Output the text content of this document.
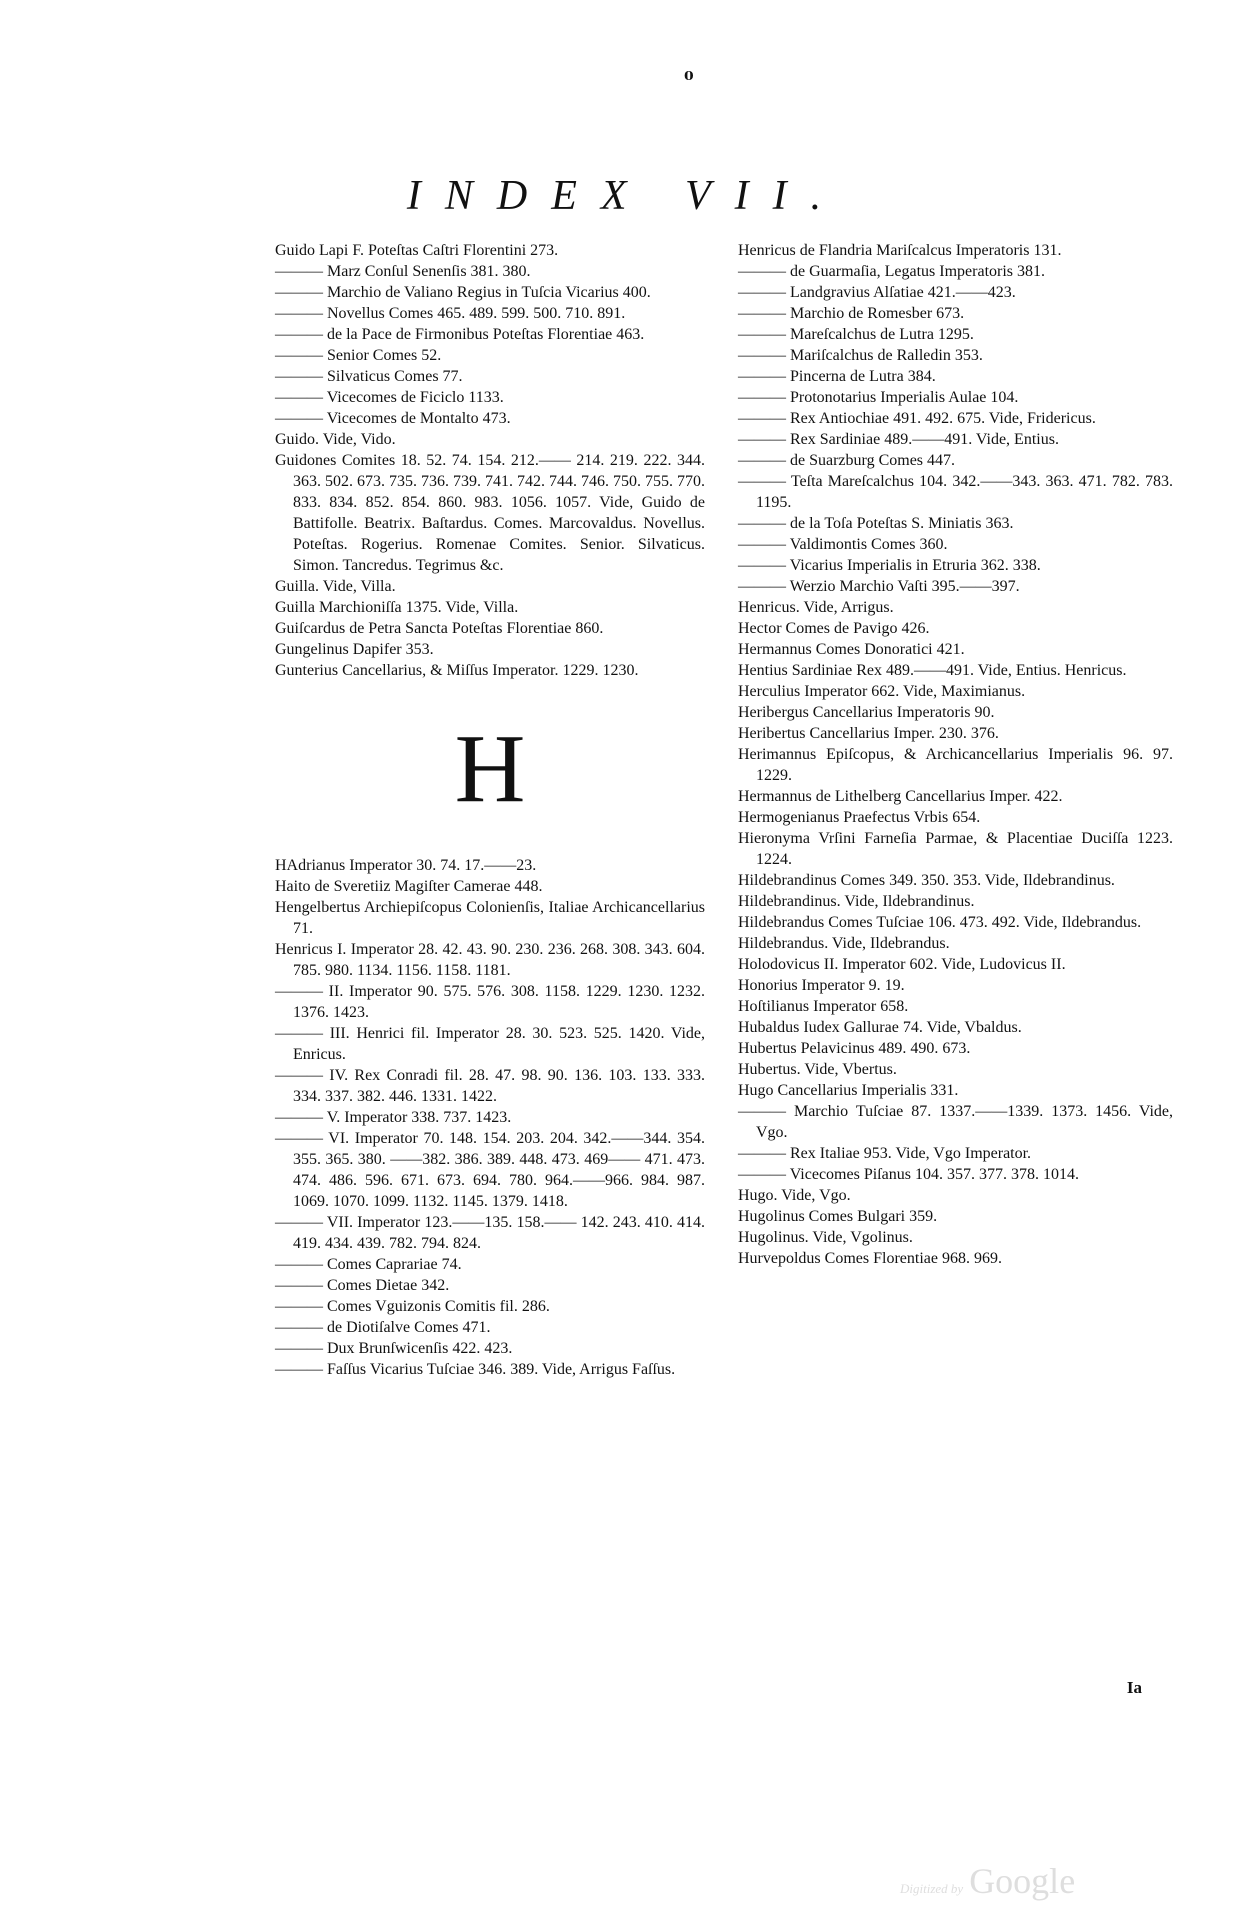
₀
INDEX VII.

Guido Lapi F. Poteſtas Caſtri Florentini 273.

——— Marz Conſul Senenſis 381. 380.

——— Marchio de Valiano Regius in Tuſcia Vicarius 400.

——— Novellus Comes 465. 489. 599. 500. 710. 891.

——— de la Pace de Firmonibus Poteſtas Florentiae 463.

——— Senior Comes 52.

——— Silvaticus Comes 77.

——— Vicecomes de Ficiclo 1133.

——— Vicecomes de Montalto 473.

Guido. Vide, Vido.

Guidones Comites 18. 52. 74. 154. 212.—— 214. 219. 222. 344. 363. 502. 673. 735. 736. 739. 741. 742. 744. 746. 750. 755. 770. 833. 834. 852. 854. 860. 983. 1056. 1057. Vide, Guido de Battifolle. Beatrix. Baſtardus. Comes. Marcovaldus. Novellus. Poteſtas. Rogerius. Romenae Comites. Senior. Silvaticus. Simon. Tancredus. Tegrimus &c.

Guilla. Vide, Villa.

Guilla Marchioniſſa 1375. Vide, Villa.

Guiſcardus de Petra Sancta Poteſtas Florentiae 860.

Gungelinus Dapifer 353.

Gunterius Cancellarius, & Miſſus Imperator. 1229. 1230.

H

HAdrianus Imperator 30. 74. 17.——23.

Haito de Sveretiiz Magiſter Camerae 448.

Hengelbertus Archiepiſcopus Colonienſis, Italiae Archicancellarius 71.

Henricus I. Imperator 28. 42. 43. 90. 230. 236. 268. 308. 343. 604. 785. 980. 1134. 1156. 1158. 1181.

——— II. Imperator 90. 575. 576. 308. 1158. 1229. 1230. 1232. 1376. 1423.

——— III. Henrici fil. Imperator 28. 30. 523. 525. 1420. Vide, Enricus.

——— IV. Rex Conradi fil. 28. 47. 98. 90. 136. 103. 133. 333. 334. 337. 382. 446. 1331. 1422.

——— V. Imperator 338. 737. 1423.

——— VI. Imperator 70. 148. 154. 203. 204. 342.——344. 354. 355. 365. 380. ——382. 386. 389. 448. 473. 469—— 471. 473. 474. 486. 596. 671. 673. 694. 780. 964.——966. 984. 987. 1069. 1070. 1099. 1132. 1145. 1379. 1418.

——— VII. Imperator 123.——135. 158.—— 142. 243. 410. 414. 419. 434. 439. 782. 794. 824.

——— Comes Caprariae 74.

——— Comes Dietae 342.

——— Comes Vguizonis Comitis fil. 286.

——— de Diotiſalve Comes 471.

——— Dux Brunſwicenſis 422. 423.

——— Faſſus Vicarius Tuſciae 346. 389. Vide, Arrigus Faſſus.

Henricus de Flandria Mariſcalcus Imperatoris 131.

——— de Guarmaſia, Legatus Imperatoris 381.

——— Landgravius Alſatiae 421.——423.

——— Marchio de Romesber 673.

——— Mareſcalchus de Lutra 1295.

——— Mariſcalchus de Ralledin 353.

——— Pincerna de Lutra 384.

——— Protonotarius Imperialis Aulae 104.

——— Rex Antiochiae 491. 492. 675. Vide, Fridericus.

——— Rex Sardiniae 489.——491. Vide, Entius.

——— de Suarzburg Comes 447.

——— Teſta Mareſcalchus 104. 342.——343. 363. 471. 782. 783. 1195.

——— de la Toſa Poteſtas S. Miniatis 363.

——— Valdimontis Comes 360.

——— Vicarius Imperialis in Etruria 362. 338.

——— Werzio Marchio Vaſti 395.——397.

Henricus. Vide, Arrigus.

Hector Comes de Pavigo 426.

Hermannus Comes Donoratici 421.

Hentius Sardiniae Rex 489.——491. Vide, Entius. Henricus.

Herculius Imperator 662. Vide, Maximianus.

Heribergus Cancellarius Imperatoris 90.

Heribertus Cancellarius Imper. 230. 376.

Herimannus Epiſcopus, & Archicancellarius Imperialis 96. 97. 1229.

Hermannus de Lithelberg Cancellarius Imper. 422.

Hermogenianus Praefectus Vrbis 654.

Hieronyma Vrſini Farneſia Parmae, & Placentiae Duciſſa 1223. 1224.

Hildebrandinus Comes 349. 350. 353. Vide, Ildebrandinus.

Hildebrandinus. Vide, Ildebrandinus.

Hildebrandus Comes Tuſciae 106. 473. 492. Vide, Ildebrandus.

Hildebrandus. Vide, Ildebrandus.

Holodovicus II. Imperator 602. Vide, Ludovicus II.

Honorius Imperator 9. 19.

Hoſtilianus Imperator 658.

Hubaldus Iudex Gallurae 74. Vide, Vbaldus.

Hubertus Pelavicinus 489. 490. 673.

Hubertus. Vide, Vbertus.

Hugo Cancellarius Imperialis 331.

——— Marchio Tuſciae 87. 1337.——1339. 1373. 1456. Vide, Vgo.

——— Rex Italiae 953. Vide, Vgo Imperator.

——— Vicecomes Piſanus 104. 357. 377. 378. 1014.

Hugo. Vide, Vgo.

Hugolinus Comes Bulgari 359.

Hugolinus. Vide, Vgolinus.

Hurvepoldus Comes Florentiae 968. 969.

Ia
Digitized by Google
